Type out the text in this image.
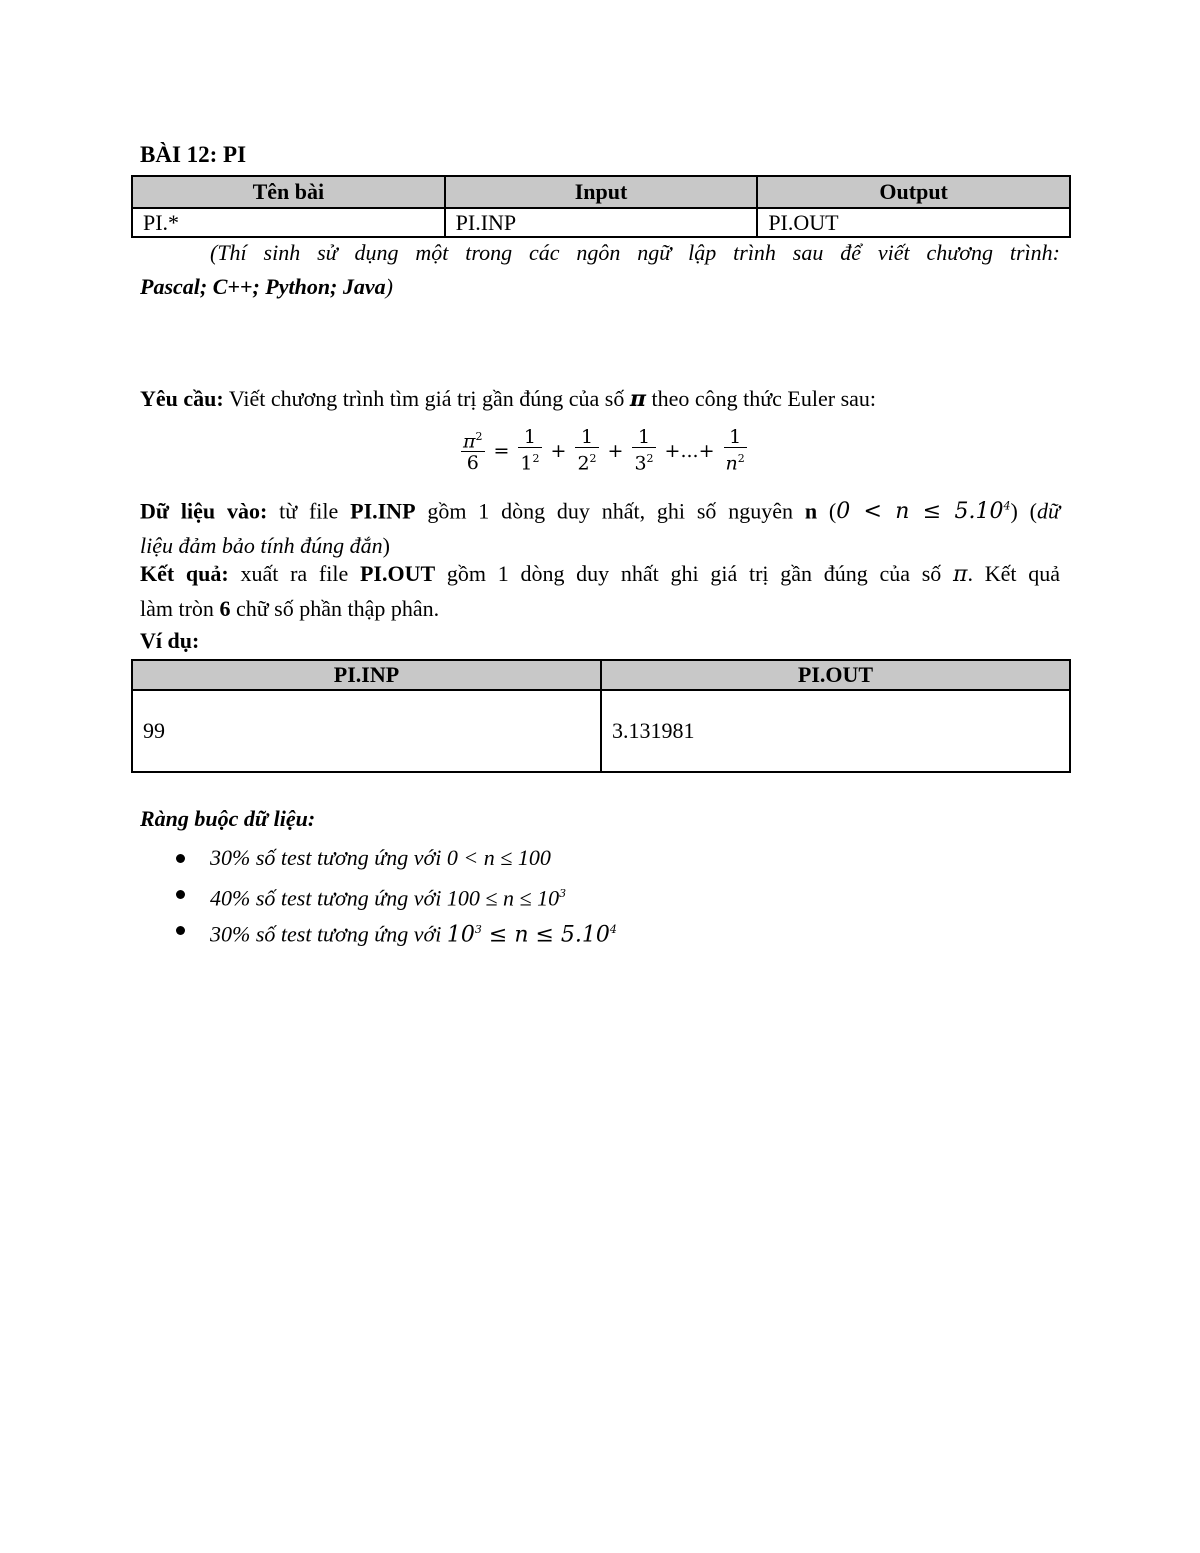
BÀI 12: PI
Tên bài	Input	Output
PI.*	PI.INP	PI.OUT
(Thí sinh sử dụng một trong các ngôn ngữ lập trình sau để viết chương trình:
Pascal; C++; Python; Java)
Yêu cầu: Viết chương trình tìm giá trị gần đúng của số π theo công thức Euler sau:
$\frac{\pi^2}{6} = \frac{1}{1^2} + \frac{1}{2^2} + \frac{1}{3^2}$ +...+ $\frac{1}{n^2}$
Dữ liệu vào: từ file PI.INP gồm 1 dòng duy nhất, ghi số nguyên n $(0 < n \le 5.10^4)$ (dữ
liệu đảm bảo tính đúng đắn)
Kết quả: xuất ra file PI.OUT gồm 1 dòng duy nhất ghi giá trị gần đúng của số π. Kết quả
làm tròn 6 chữ số phần thập phân.
Ví dụ:
PI.INP	PI.OUT
99	3.131981
Ràng buộc dữ liệu:
30% số test tương ứng với 0 < n ≤ 100
40% số test tương ứng với $100 \le n \le 10^3$
30% số test tương ứng với $10^3 \le n \le 5.10^4$
